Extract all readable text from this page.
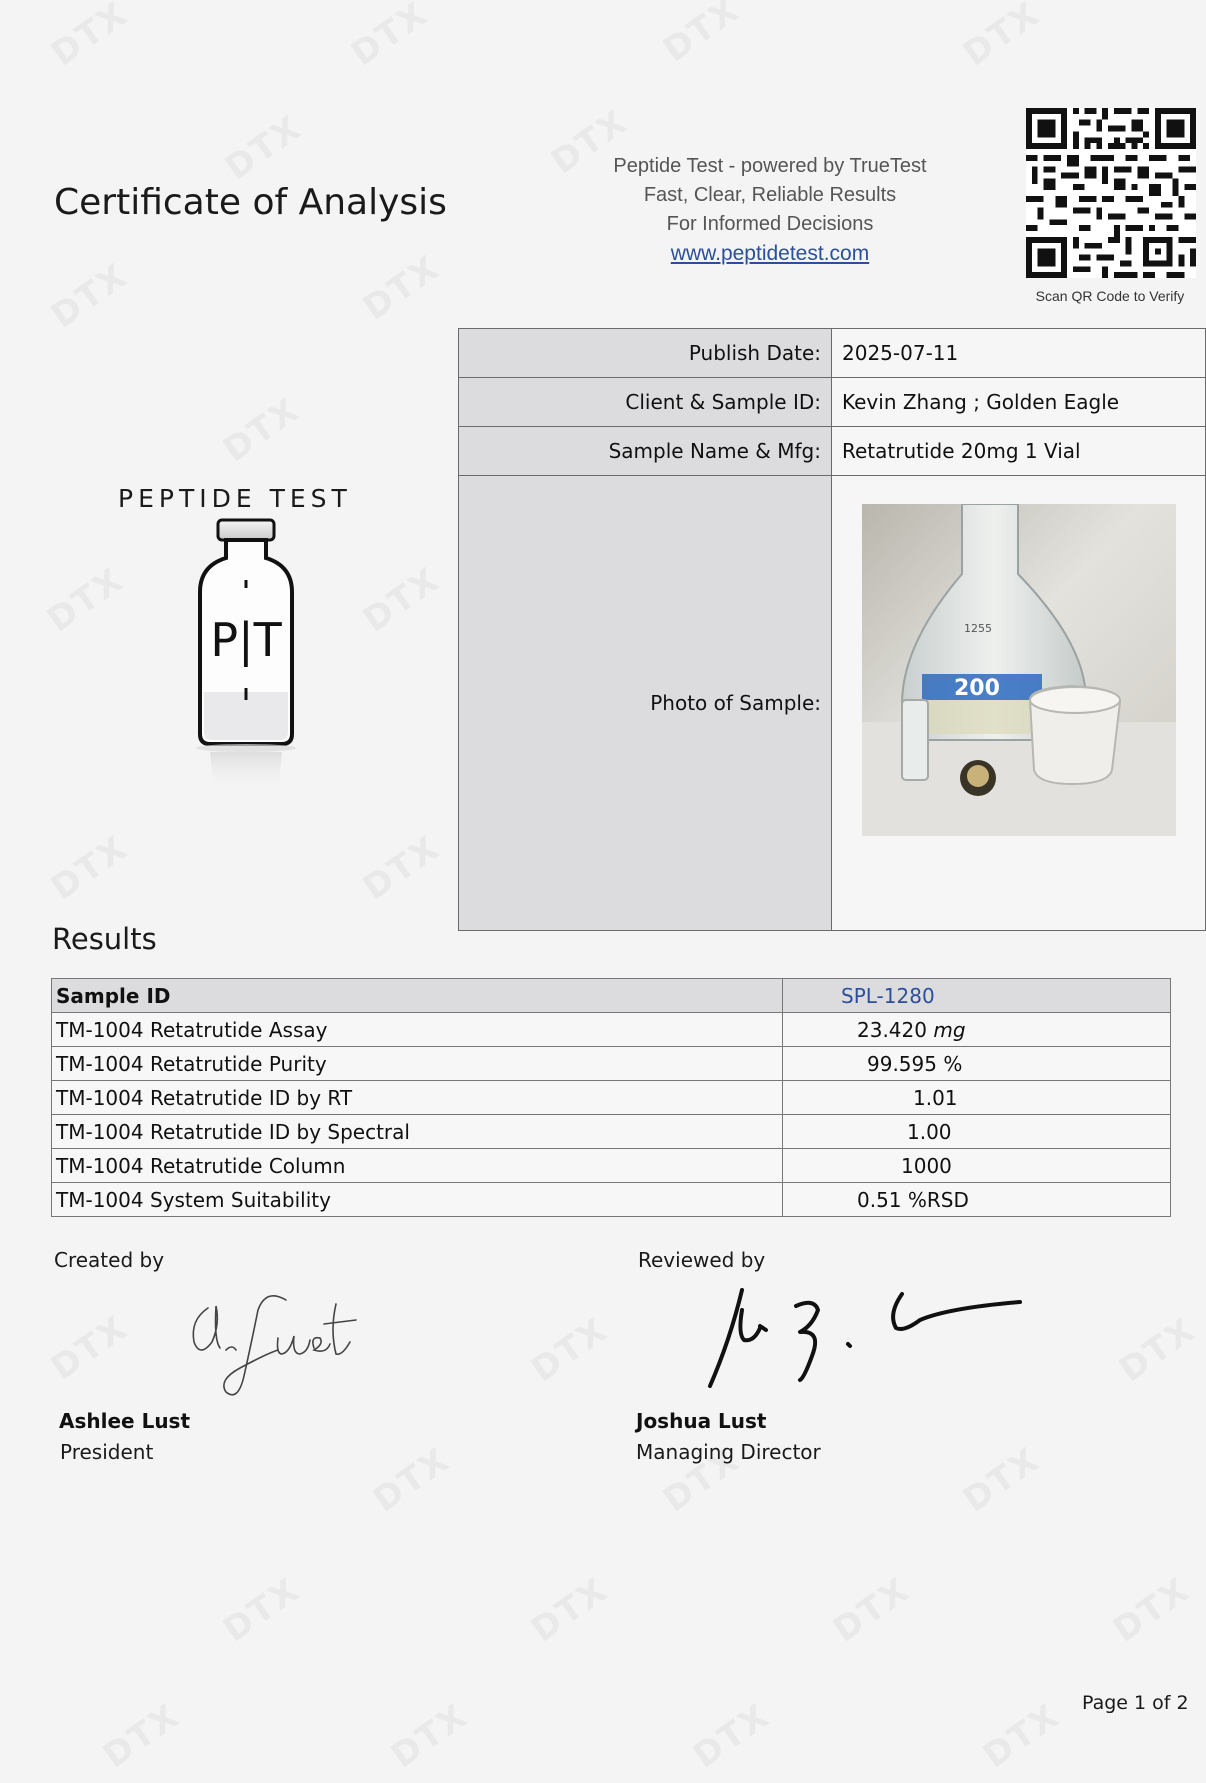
Certificate of Analysis
Peptide Test - powered by TrueTest
Fast, Clear, Reliable Results
For Informed Decisions
www.peptidetest.com
Scan QR Code to Verify
PEPTIDE TEST
P|T
Publish Date:	2025-07-11
Client & Sample ID:	Kevin Zhang ; Golden Eagle
Sample Name & Mfg:	Retatrutide 20mg 1 Vial
Photo of Sample:	200
1255
Results
Sample ID	SPL-1280
TM-1004 Retatrutide Assay	23.420 mg
TM-1004 Retatrutide Purity	99.595 %
TM-1004 Retatrutide ID by RT	1.01
TM-1004 Retatrutide ID by Spectral	1.00
TM-1004 Retatrutide Column	1000
TM-1004 System Suitability	0.51 %RSD
Created by	Reviewed by
Ashlee Lust
President
Joshua Lust
Managing Director
Page 1 of 2
